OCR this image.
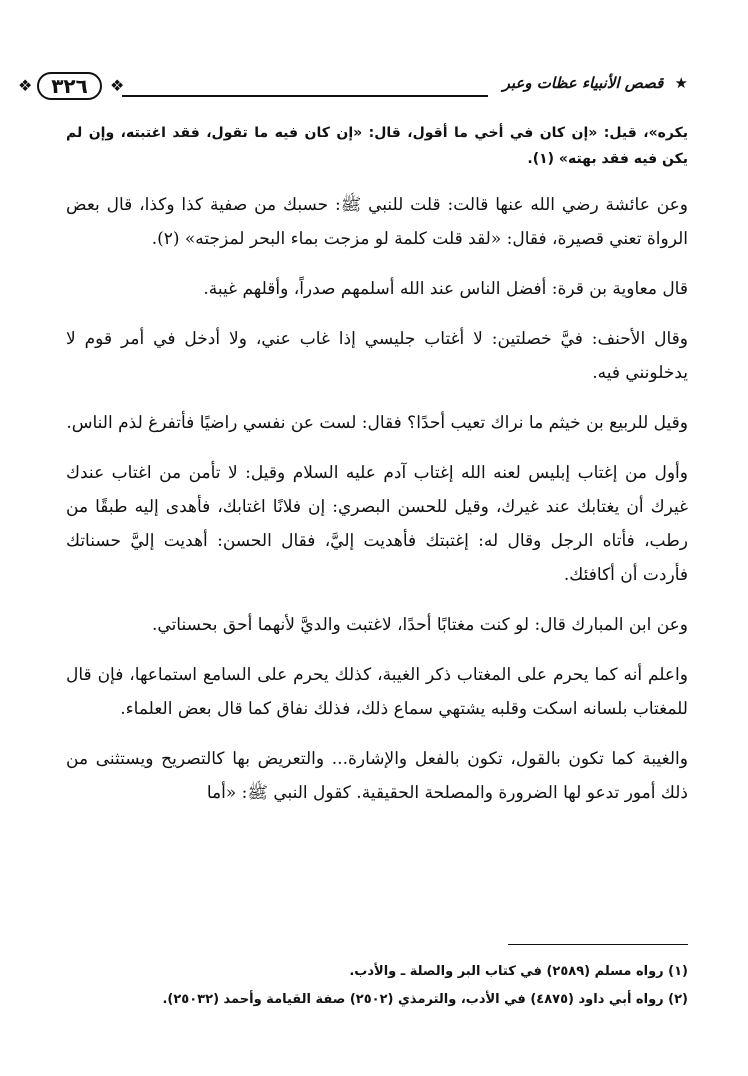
❖ ٣٢٦	❖	★ قصص الأنبياء عظات وعبر

يكره»، قيل: «إن كان في أخي ما أقول، قال: «إن كان فيه ما تقول، فقد اغتبته، وإن لم يكن فيه فقد بهته» (١).

وعن عائشة رضي الله عنها قالت: قلت للنبي ﷺ: حسبك من صفية كذا وكذا، قال بعض الرواة تعني قصيرة، فقال: «لقد قلت كلمة لو مزجت بماء البحر لمزجته» (٢).

قال معاوية بن قرة: أفضل الناس عند الله أسلمهم صدراً، وأقلهم غيبة.

وقال الأحنف: فيَّ خصلتين: لا أغتاب جليسي إذا غاب عني، ولا أدخل في أمر قوم لا يدخلونني فيه.

وقيل للربيع بن خيثم ما نراك تعيب أحدًا؟ فقال: لست عن نفسي راضيًا فأتفرغ لذم الناس.

وأول من إغتاب إبليس لعنه الله إغتاب آدم عليه السلام وقيل: لا تأمن من اغتاب عندك غيرك أن يغتابك عند غيرك، وقيل للحسن البصري: إن فلانًا اغتابك، فأهدى إليه طبقًا من رطب، فأتاه الرجل وقال له: إغتبتك فأهديت إليَّ، فقال الحسن: أهديت إليَّ حسناتك فأردت أن أكافئك.

وعن ابن المبارك قال: لو كنت مغتابًا أحدًا، لاغتبت والديَّ لأنهما أحق بحسناتي.

واعلم أنه كما يحرم على المغتاب ذكر الغيبة، كذلك يحرم على السامع استماعها، فإن قال للمغتاب بلسانه اسكت وقلبه يشتهي سماع ذلك، فذلك نفاق كما قال بعض العلماء.

والغيبة كما تكون بالقول، تكون بالفعل والإشارة... والتعريض بها كالتصريح ويستثنى من ذلك أمور تدعو لها الضرورة والمصلحة الحقيقية. كقول النبي ﷺ: «أما

(١) رواه مسلم (٢٥٨٩) في كتاب البر والصلة ـ والأدب.
(٢) رواه أبي داود (٤٨٧٥) في الأدب، والترمذي (٢٥٠٢) صفة القيامة وأحمد (٢٥٠٣٢).
